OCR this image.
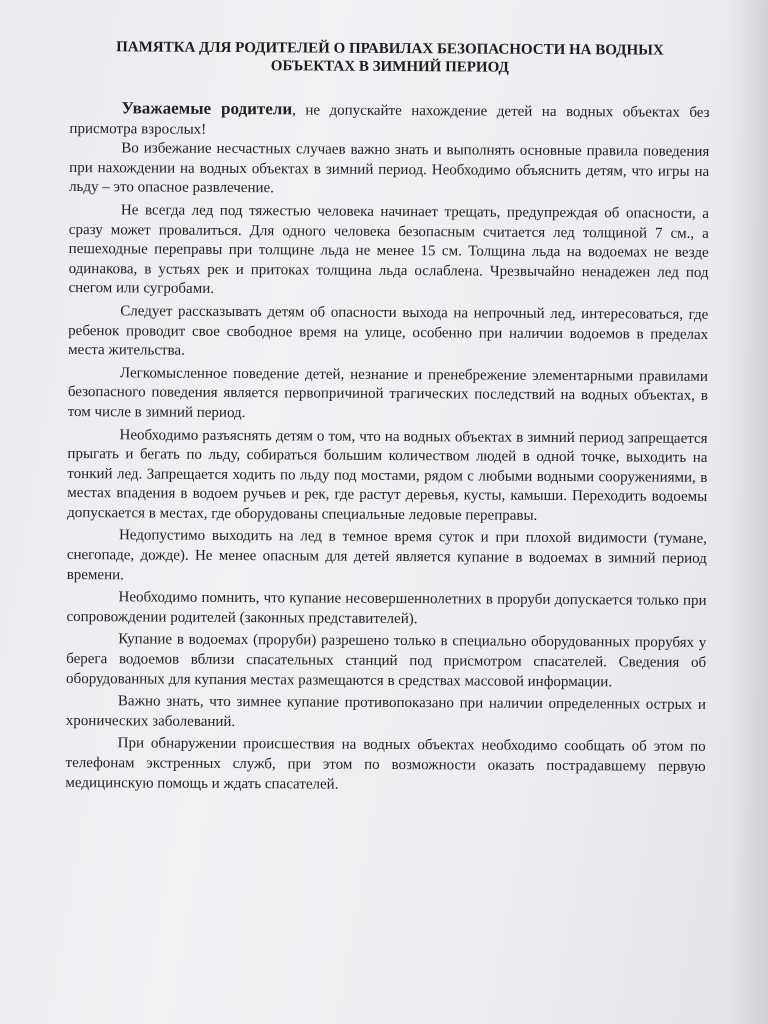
ПАМЯТКА ДЛЯ РОДИТЕЛЕЙ О ПРАВИЛАХ БЕЗОПАСНОСТИ НА ВОДНЫХ ОБЪЕКТАХ В ЗИМНИЙ ПЕРИОД

Уважаемые родители, не допускайте нахождение детей на водных объектах без присмотра взрослых!

Во избежание несчастных случаев важно знать и выполнять основные правила поведения при нахождении на водных объектах в зимний период. Необходимо объяснить детям, что игры на льду – это опасное развлечение.

Не всегда лед под тяжестью человека начинает трещать, предупреждая об опасности, а сразу может провалиться. Для одного человека безопасным считается лед толщиной 7 см., а пешеходные переправы при толщине льда не менее 15 см. Толщина льда на водоемах не везде одинакова, в устьях рек и притоках толщина льда ослаблена. Чрезвычайно ненадежен лед под снегом или сугробами.

Следует рассказывать детям об опасности выхода на непрочный лед, интересоваться, где ребенок проводит свое свободное время на улице, особенно при наличии водоемов в пределах места жительства.

Легкомысленное поведение детей, незнание и пренебрежение элементарными правилами безопасного поведения является первопричиной трагических последствий на водных объектах, в том числе в зимний период.

Необходимо разъяснять детям о том, что на водных объектах в зимний период запрещается прыгать и бегать по льду, собираться большим количеством людей в одной точке, выходить на тонкий лед. Запрещается ходить по льду под мостами, рядом с любыми водными сооружениями, в местах впадения в водоем ручьев и рек, где растут деревья, кусты, камыши. Переходить водоемы допускается в местах, где оборудованы специальные ледовые переправы.

Недопустимо выходить на лед в темное время суток и при плохой видимости (тумане, снегопаде, дожде). Не менее опасным для детей является купание в водоемах в зимний период времени.

Необходимо помнить, что купание несовершеннолетних в проруби допускается только при сопровождении родителей (законных представителей).

Купание в водоемах (проруби) разрешено только в специально оборудованных прорубях у берега водоемов вблизи спасательных станций под присмотром спасателей. Сведения об оборудованных для купания местах размещаются в средствах массовой информации.

Важно знать, что зимнее купание противопоказано при наличии определенных острых и хронических заболеваний.

При обнаружении происшествия на водных объектах необходимо сообщать об этом по телефонам экстренных служб, при этом по возможности оказать пострадавшему первую медицинскую помощь и ждать спасателей.
